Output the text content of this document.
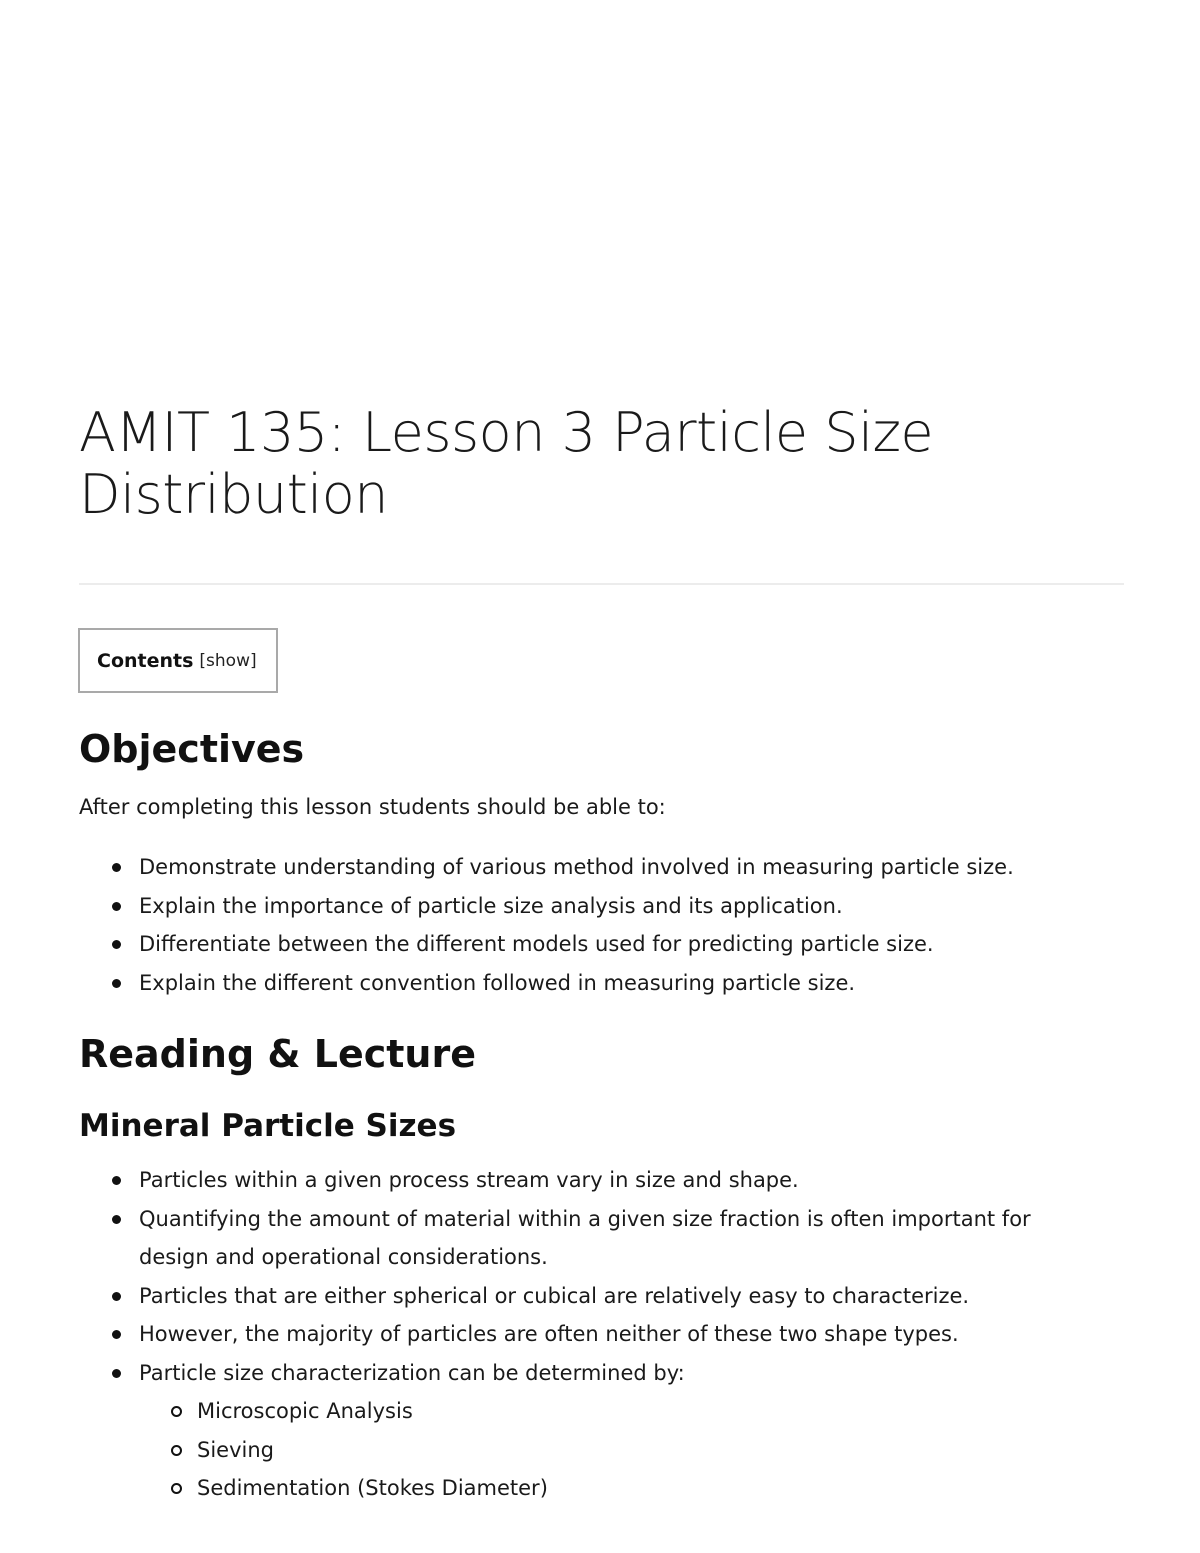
AMIT 135: Lesson 3 Particle Size Distribution
Contents [show]
Objectives

After completing this lesson students should be able to:

Demonstrate understanding of various method involved in measuring particle size.
Explain the importance of particle size analysis and its application.
Differentiate between the different models used for predicting particle size.
Explain the different convention followed in measuring particle size.
Reading & Lecture
Mineral Particle Sizes
Particles within a given process stream vary in size and shape.
Quantifying the amount of material within a given size fraction is often important for design and operational considerations.
Particles that are either spherical or cubical are relatively easy to characterize.
However, the majority of particles are often neither of these two shape types.
Particle size characterization can be determined by:
Microscopic Analysis
Sieving
Sedimentation (Stokes Diameter)
